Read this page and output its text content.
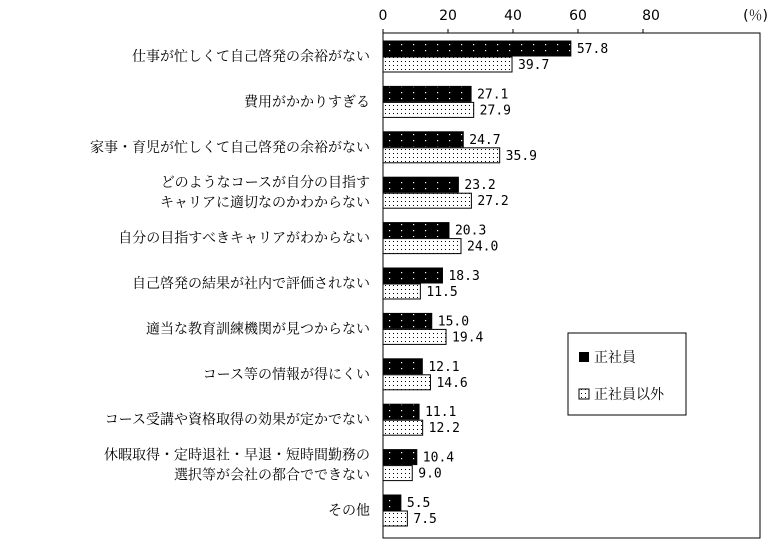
0	20	40	60	80	(％)
仕事が忙しくて自己啓発の余裕がない
費用がかかりすぎる
家事・育児が忙しくて自己啓発の余裕がない
どのようなコースが自分の目指す
キャリアに適切なのかわからない
自分の目指すべきキャリアがわからない
自己啓発の結果が社内で評価されない
適当な教育訓練機関が見つからない
コース等の情報が得にくい
コース受講や資格取得の効果が定かでない
休暇取得・定時退社・早退・短時間勤務の
選択等が会社の都合でできない
その他
57.8
27.1
24.7
23.2
20.3
18.3
15.0
12.1
11.1
10.4
5.5
39.7
27.9
35.9
27.2
24.0
11.5
19.4
14.6
12.2
9.0
7.5
正社員
正社員以外
